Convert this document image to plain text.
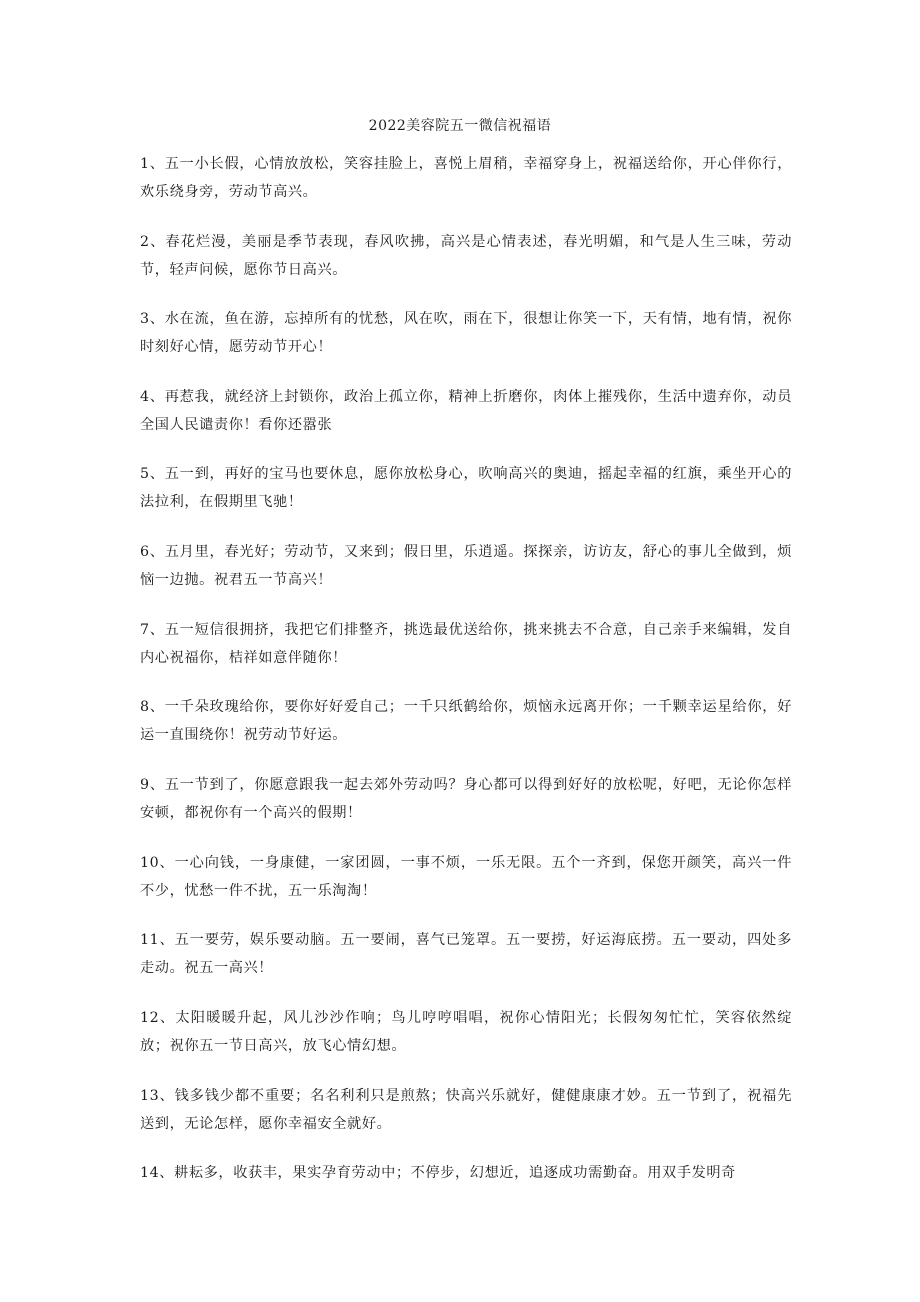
2022美容院五一微信祝福语

1、五一小长假，心情放放松，笑容挂脸上，喜悦上眉稍，幸福穿身上，祝福送给你，开心伴你行，欢乐绕身旁，劳动节高兴。

2、春花烂漫，美丽是季节表现，春风吹拂，高兴是心情表述，春光明媚，和气是人生三味，劳动节，轻声问候，愿你节日高兴。

3、水在流，鱼在游，忘掉所有的忧愁，风在吹，雨在下，很想让你笑一下，天有情，地有情，祝你时刻好心情，愿劳动节开心！

4、再惹我，就经济上封锁你，政治上孤立你，精神上折磨你，肉体上摧残你，生活中遗弃你，动员全国人民谴责你！看你还嚣张

5、五一到，再好的宝马也要休息，愿你放松身心，吹响高兴的奥迪，摇起幸福的红旗，乘坐开心的法拉利，在假期里飞驰！

6、五月里，春光好；劳动节，又来到；假日里，乐逍遥。探探亲，访访友，舒心的事儿全做到，烦恼一边抛。祝君五一节高兴！

7、五一短信很拥挤，我把它们排整齐，挑选最优送给你，挑来挑去不合意，自己亲手来编辑，发自内心祝福你，桔祥如意伴随你！

8、一千朵玫瑰给你，要你好好爱自己；一千只纸鹤给你，烦恼永远离开你；一千颗幸运星给你，好运一直围绕你！祝劳动节好运。

9、五一节到了，你愿意跟我一起去郊外劳动吗？身心都可以得到好好的放松呢，好吧，无论你怎样安顿，都祝你有一个高兴的假期！

10、一心向钱，一身康健，一家团圆，一事不烦，一乐无限。五个一齐到，保您开颜笑，高兴一件不少，忧愁一件不扰，五一乐淘淘！

11、五一要劳，娱乐要动脑。五一要闹，喜气已笼罩。五一要捞，好运海底捞。五一要动，四处多走动。祝五一高兴！

12、太阳暖暖升起，风儿沙沙作响；鸟儿哼哼唱唱，祝你心情阳光；长假匆匆忙忙，笑容依然绽放；祝你五一节日高兴，放飞心情幻想。

13、钱多钱少都不重要；名名利利只是煎熬；快高兴乐就好，健健康康才妙。五一节到了，祝福先送到，无论怎样，愿你幸福安全就好。

14、耕耘多，收获丰，果实孕育劳动中；不停步，幻想近，追逐成功需勤奋。用双手发明奇
